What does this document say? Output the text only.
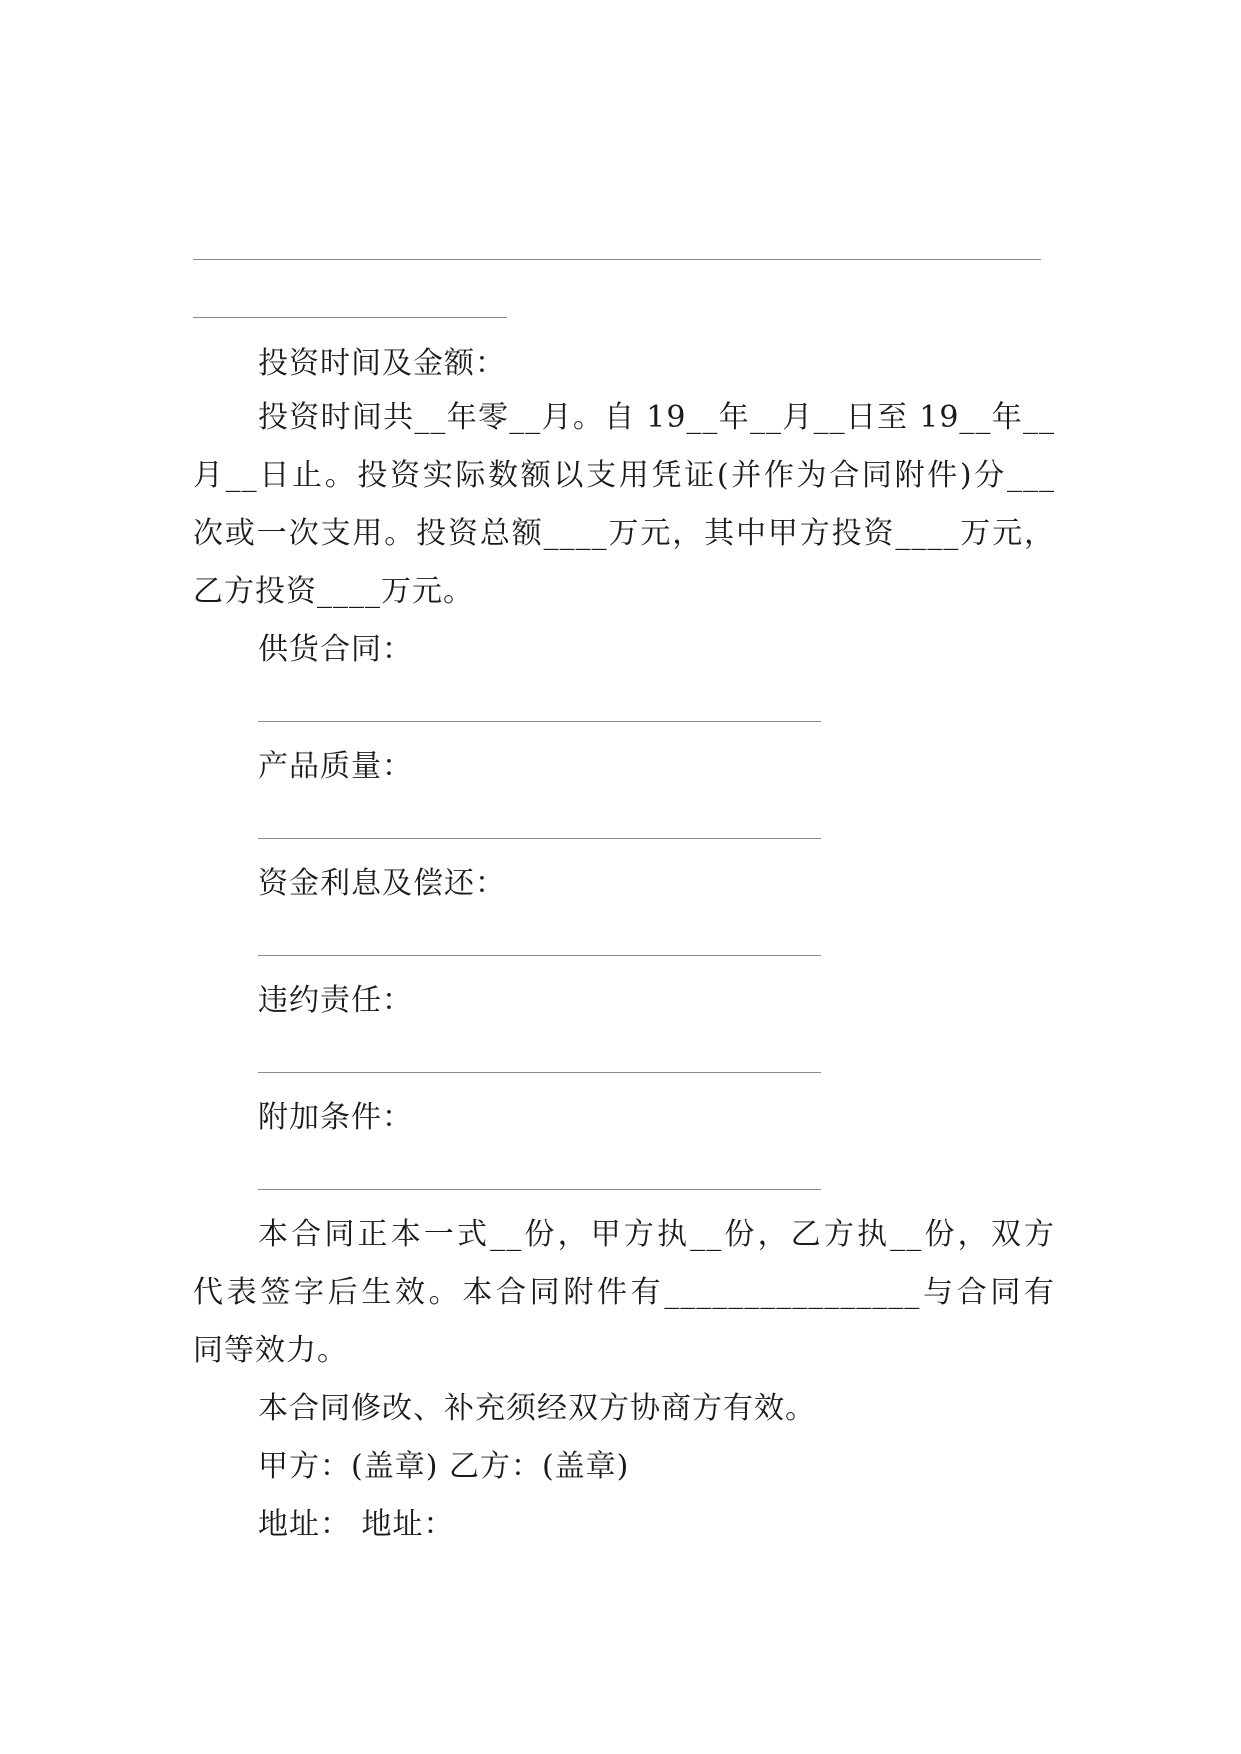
投资时间及金额：
投资时间共__年零__月。自 19__年__月__日至 19__年__
月__日止。投资实际数额以支用凭证(并作为合同附件)分___
次或一次支用。投资总额____万元，其中甲方投资____万元，
乙方投资____万元。
供货合同：
产品质量：
资金利息及偿还：
违约责任：
附加条件：
本合同正本一式__份，甲方执__份，乙方执__份，双方
代表签字后生效。本合同附件有________________与合同有
同等效力。
本合同修改、补充须经双方协商方有效。
甲方：(盖章) 乙方：(盖章)
地址： 地址：
